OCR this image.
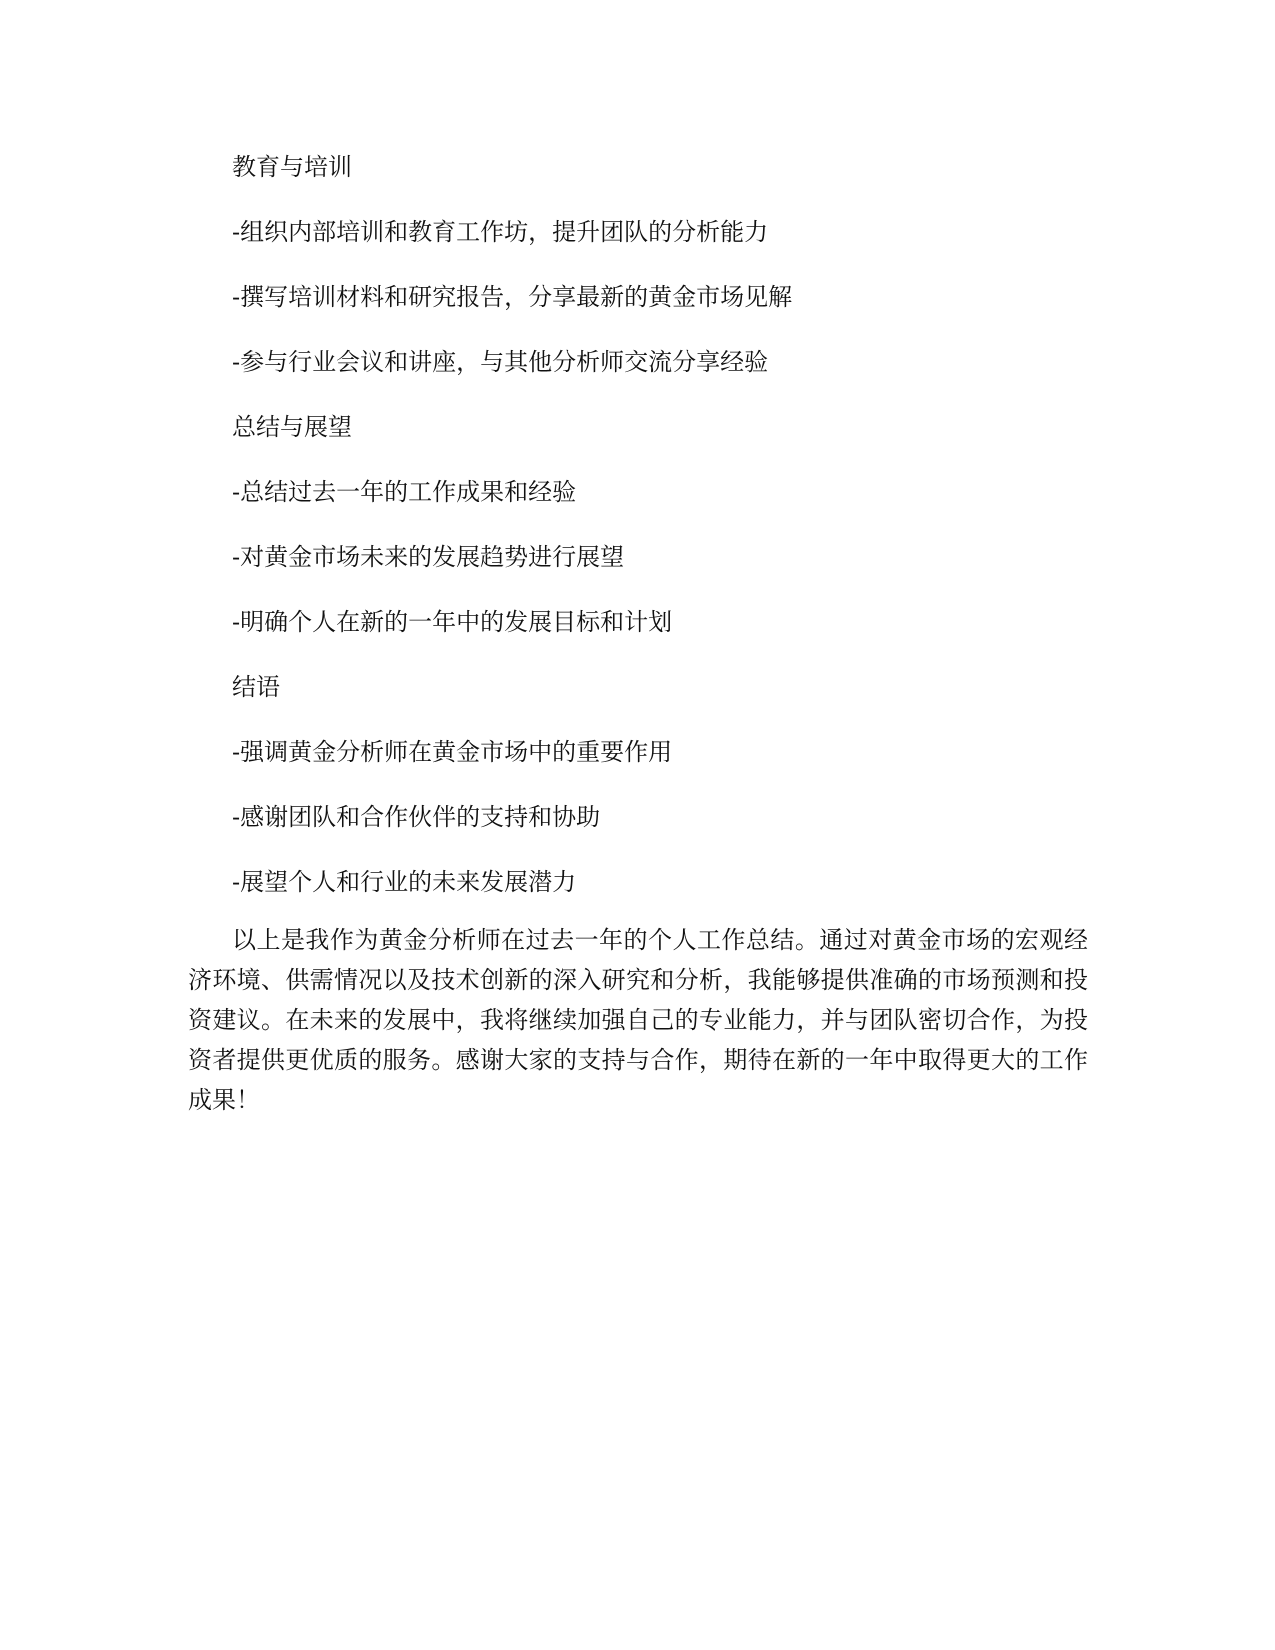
教育与培训
-组织内部培训和教育工作坊，提升团队的分析能力
-撰写培训材料和研究报告，分享最新的黄金市场见解
-参与行业会议和讲座，与其他分析师交流分享经验
总结与展望
-总结过去一年的工作成果和经验
-对黄金市场未来的发展趋势进行展望
-明确个人在新的一年中的发展目标和计划
结语
-强调黄金分析师在黄金市场中的重要作用
-感谢团队和合作伙伴的支持和协助
-展望个人和行业的未来发展潜力

以上是我作为黄金分析师在过去一年的个人工作总结。通过对黄金市场的宏观经济环境、供需情况以及技术创新的深入研究和分析，我能够提供准确的市场预测和投资建议。在未来的发展中，我将继续加强自己的专业能力，并与团队密切合作，为投资者提供更优质的服务。感谢大家的支持与合作，期待在新的一年中取得更大的工作成果！
